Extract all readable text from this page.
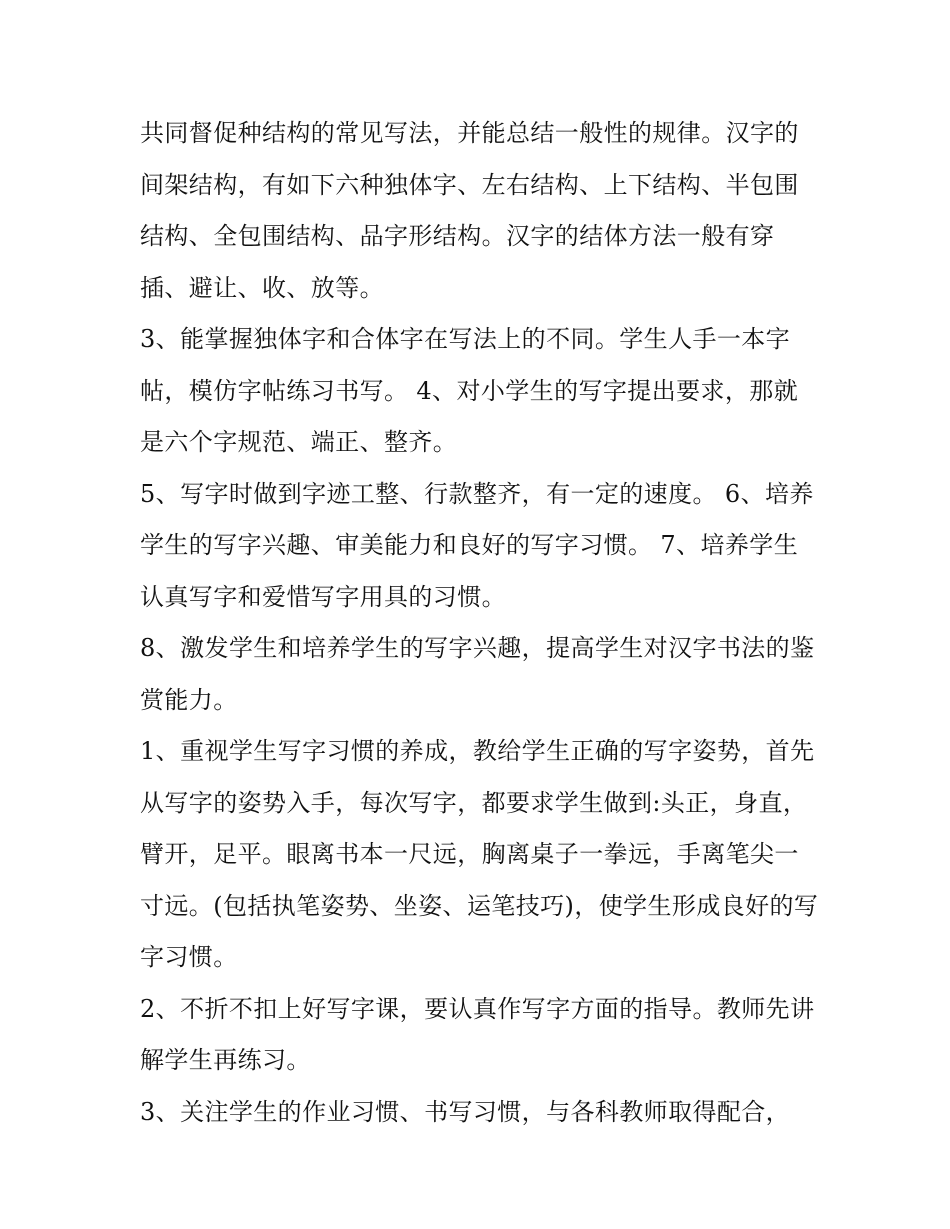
共同督促种结构的常见写法，并能总结一般性的规律。汉字的间架结构，有如下六种独体字、左右结构、上下结构、半包围结构、全包围结构、品字形结构。汉字的结体方法一般有穿插、避让、收、放等。

3、能掌握独体字和合体字在写法上的不同。学生人手一本字帖，模仿字帖练习书写。 4、对小学生的写字提出要求，那就是六个字规范、端正、整齐。

5、写字时做到字迹工整、行款整齐，有一定的速度。 6、培养学生的写字兴趣、审美能力和良好的写字习惯。 7、培养学生认真写字和爱惜写字用具的习惯。

8、激发学生和培养学生的写字兴趣，提高学生对汉字书法的鉴赏能力。

1、重视学生写字习惯的养成，教给学生正确的写字姿势，首先从写字的姿势入手，每次写字，都要求学生做到:头正，身直，臂开，足平。眼离书本一尺远，胸离桌子一拳远，手离笔尖一寸远。(包括执笔姿势、坐姿、运笔技巧)，使学生形成良好的写字习惯。

2、不折不扣上好写字课，要认真作写字方面的指导。教师先讲解学生再练习。

3、关注学生的作业习惯、书写习惯，与各科教师取得配合，
